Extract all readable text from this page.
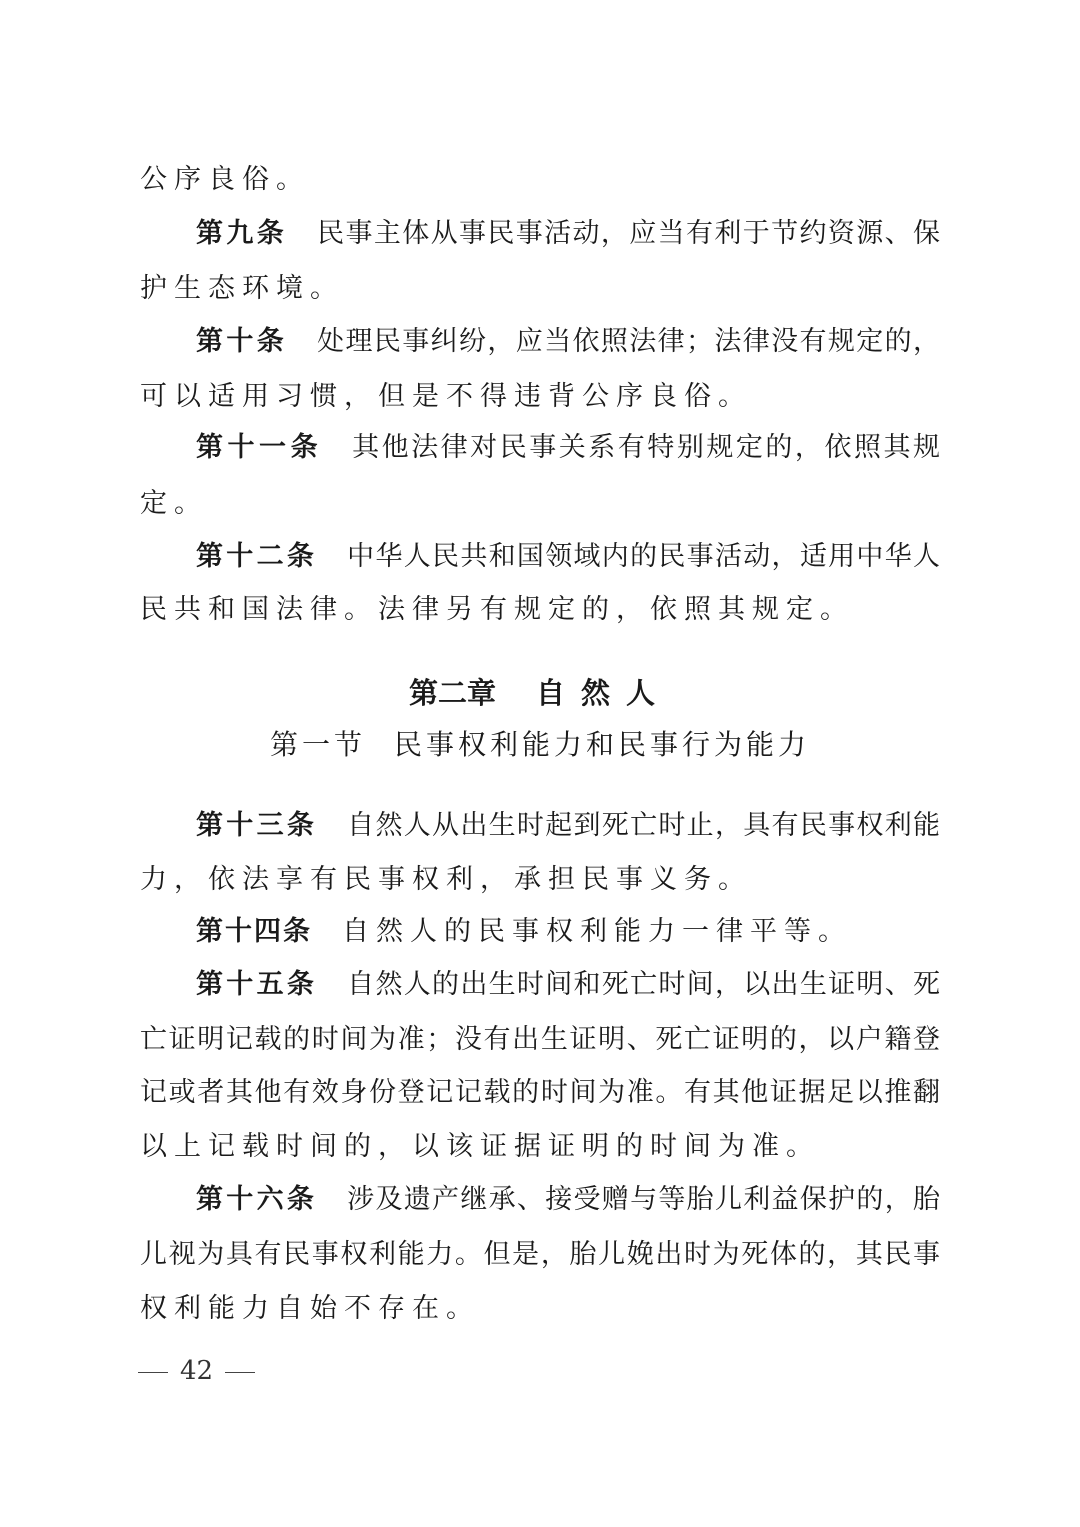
公序良俗。
第九条 民事主体从事民事活动，应当有利于节约资源、保
护生态环境。
第十条 处理民事纠纷，应当依照法律；法律没有规定的，
可以适用习惯，但是不得违背公序良俗。
第十一条 其他法律对民事关系有特别规定的，依照其规
定。
第十二条 中华人民共和国领域内的民事活动，适用中华人
民共和国法律。法律另有规定的，依照其规定。
第二章 自然人
第一节 民事权利能力和民事行为能力
第十三条 自然人从出生时起到死亡时止，具有民事权利能
力，依法享有民事权利，承担民事义务。
第十四条 自然人的民事权利能力一律平等。
第十五条 自然人的出生时间和死亡时间，以出生证明、死
亡证明记载的时间为准；没有出生证明、死亡证明的，以户籍登
记或者其他有效身份登记记载的时间为准。有其他证据足以推翻
以上记载时间的，以该证据证明的时间为准。
第十六条 涉及遗产继承、接受赠与等胎儿利益保护的，胎
儿视为具有民事权利能力。但是，胎儿娩出时为死体的，其民事
权利能力自始不存在。
42
